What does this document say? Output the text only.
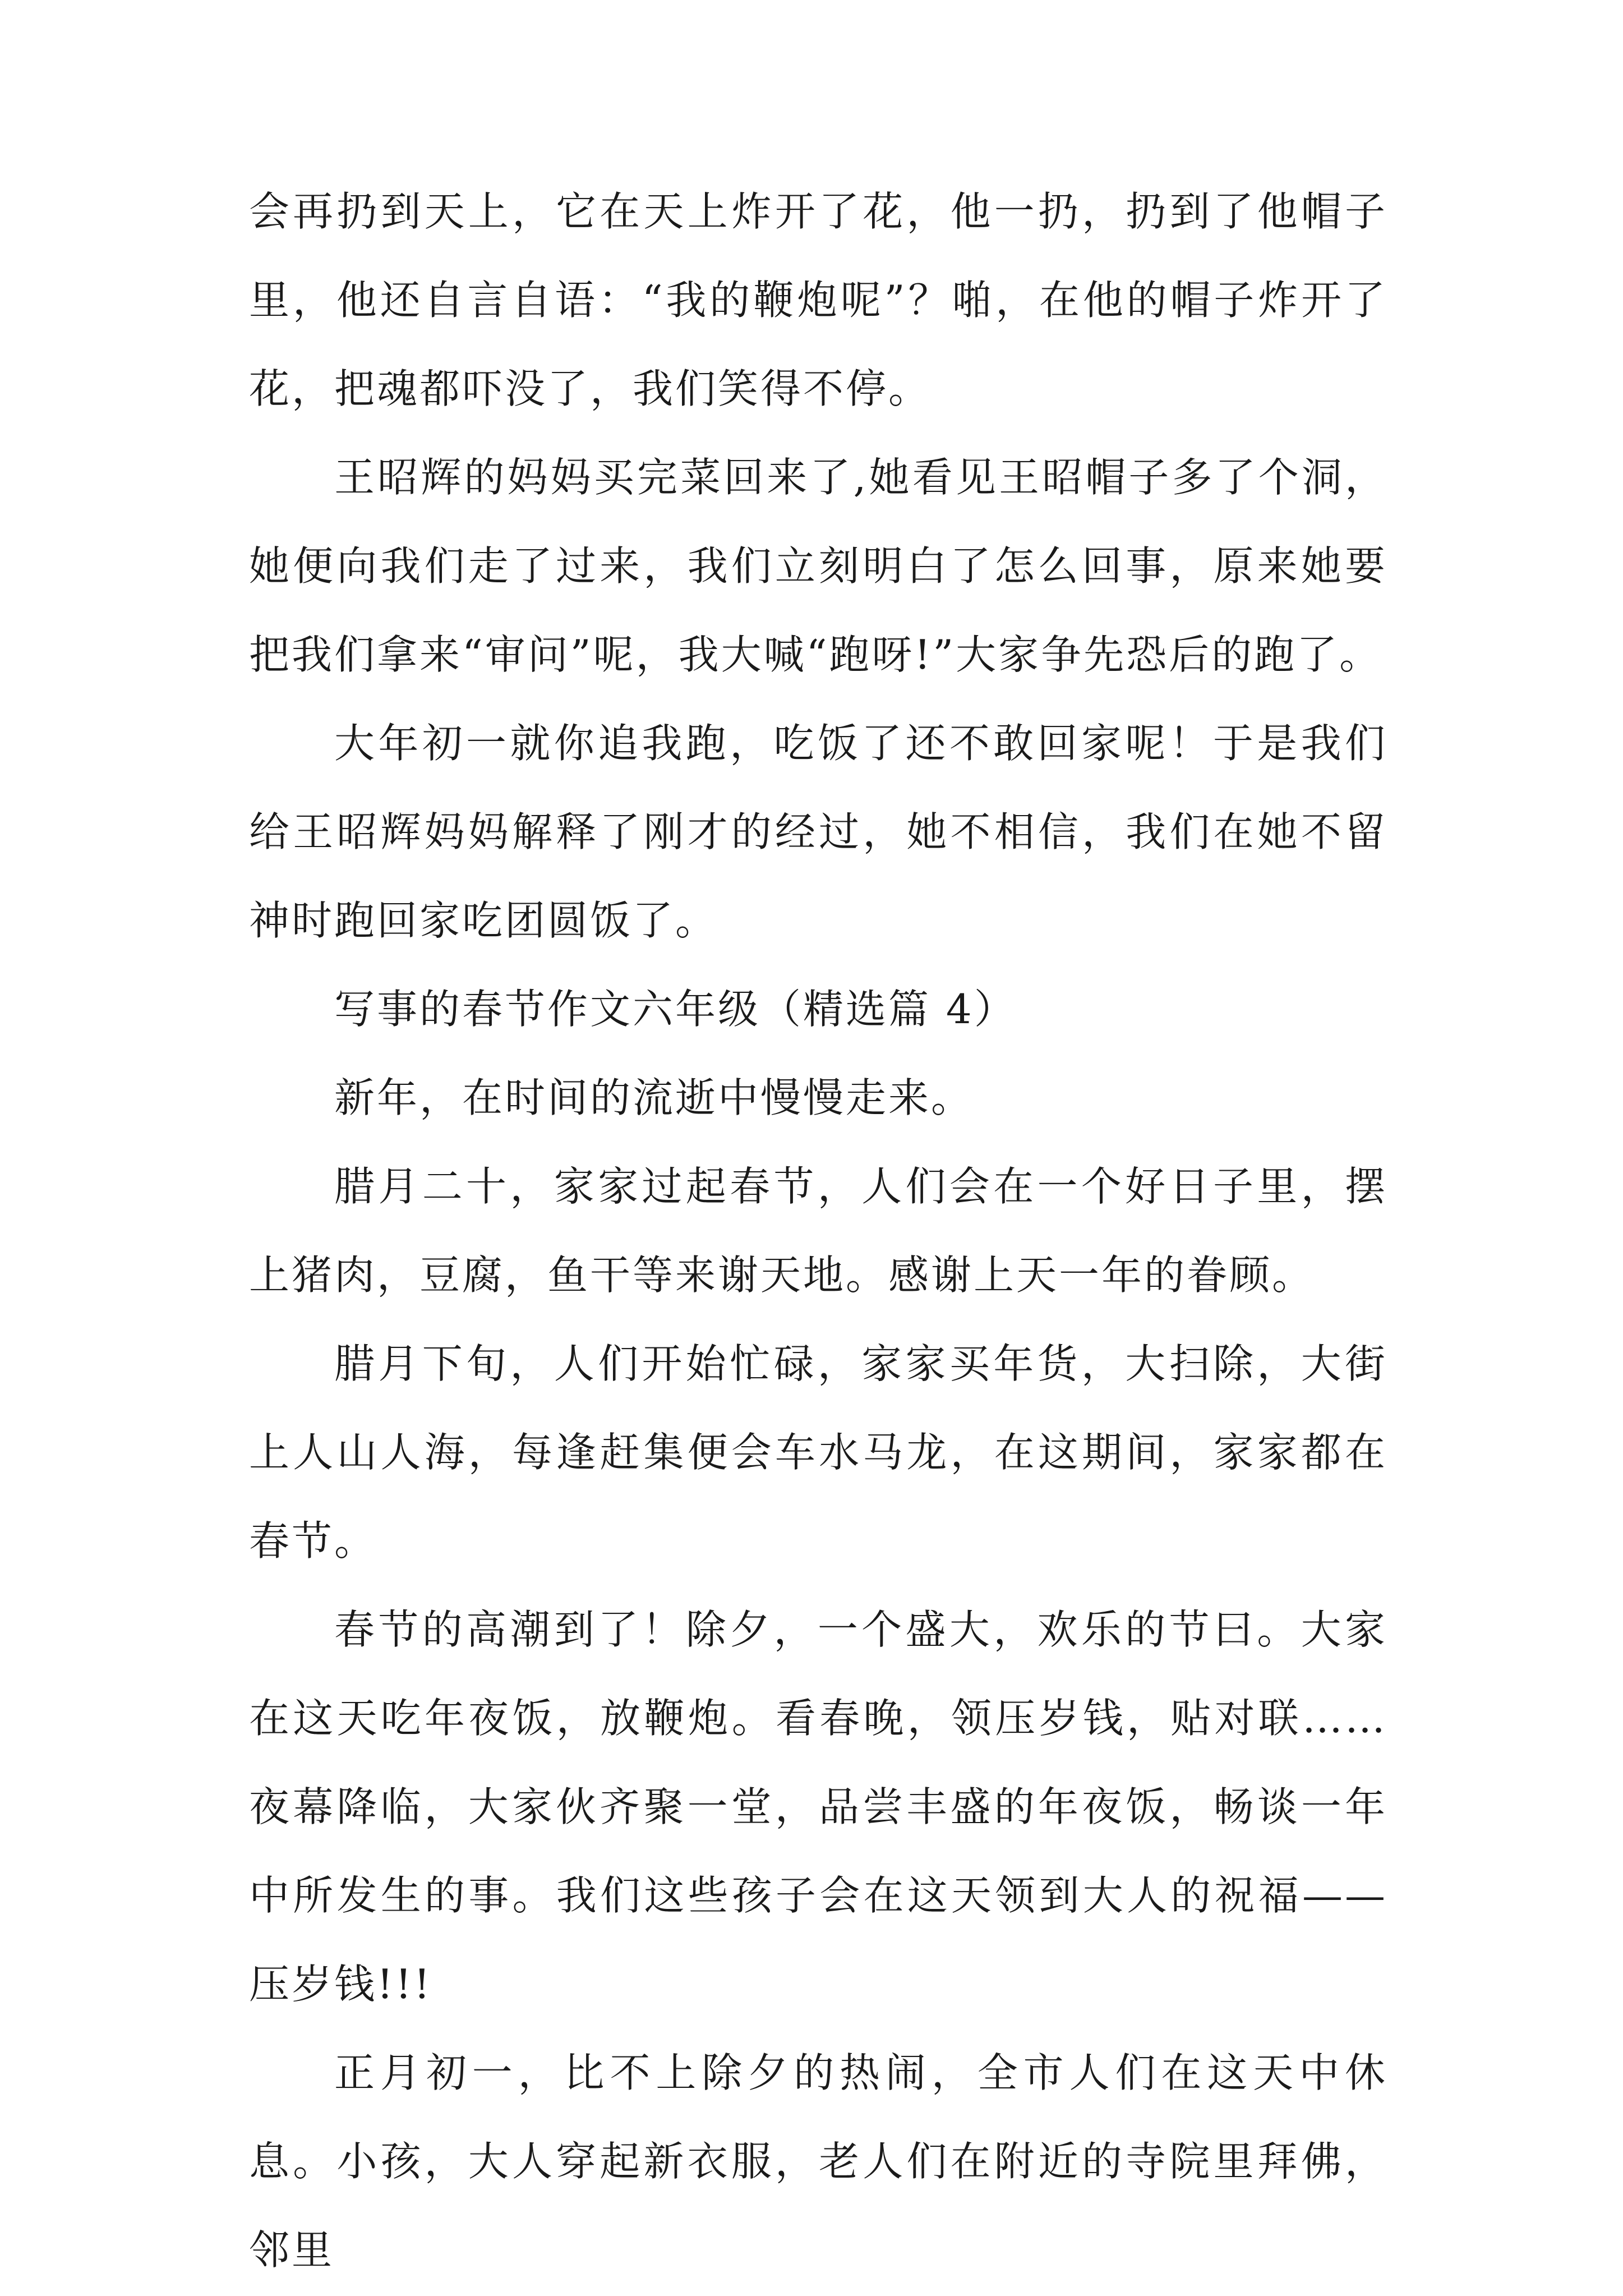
会再扔到天上，它在天上炸开了花，他一扔，扔到了他帽子里，他还自言自语：“我的鞭炮呢”？啪，在他的帽子炸开了花，把魂都吓没了，我们笑得不停。

王昭辉的妈妈买完菜回来了,她看见王昭帽子多了个洞，她便向我们走了过来，我们立刻明白了怎么回事，原来她要把我们拿来“审问”呢，我大喊“跑呀!”大家争先恐后的跑了。

大年初一就你追我跑，吃饭了还不敢回家呢！于是我们给王昭辉妈妈解释了刚才的经过，她不相信，我们在她不留神时跑回家吃团圆饭了。

写事的春节作文六年级（精选篇 4）

新年，在时间的流逝中慢慢走来。

腊月二十，家家过起春节，人们会在一个好日子里，摆上猪肉，豆腐，鱼干等来谢天地。感谢上天一年的眷顾。

腊月下旬，人们开始忙碌，家家买年货，大扫除，大街上人山人海，每逢赶集便会车水马龙，在这期间，家家都在春节。

春节的高潮到了！除夕，一个盛大，欢乐的节曰。大家在这天吃年夜饭，放鞭炮。看春晚，领压岁钱，贴对联……夜幕降临，大家伙齐聚一堂，品尝丰盛的年夜饭，畅谈一年中所发生的事。我们这些孩子会在这天领到大人的祝福——压岁钱!!!

正月初一，比不上除夕的热闹，全市人们在这天中休息。小孩，大人穿起新衣服，老人们在附近的寺院里拜佛，邻里
